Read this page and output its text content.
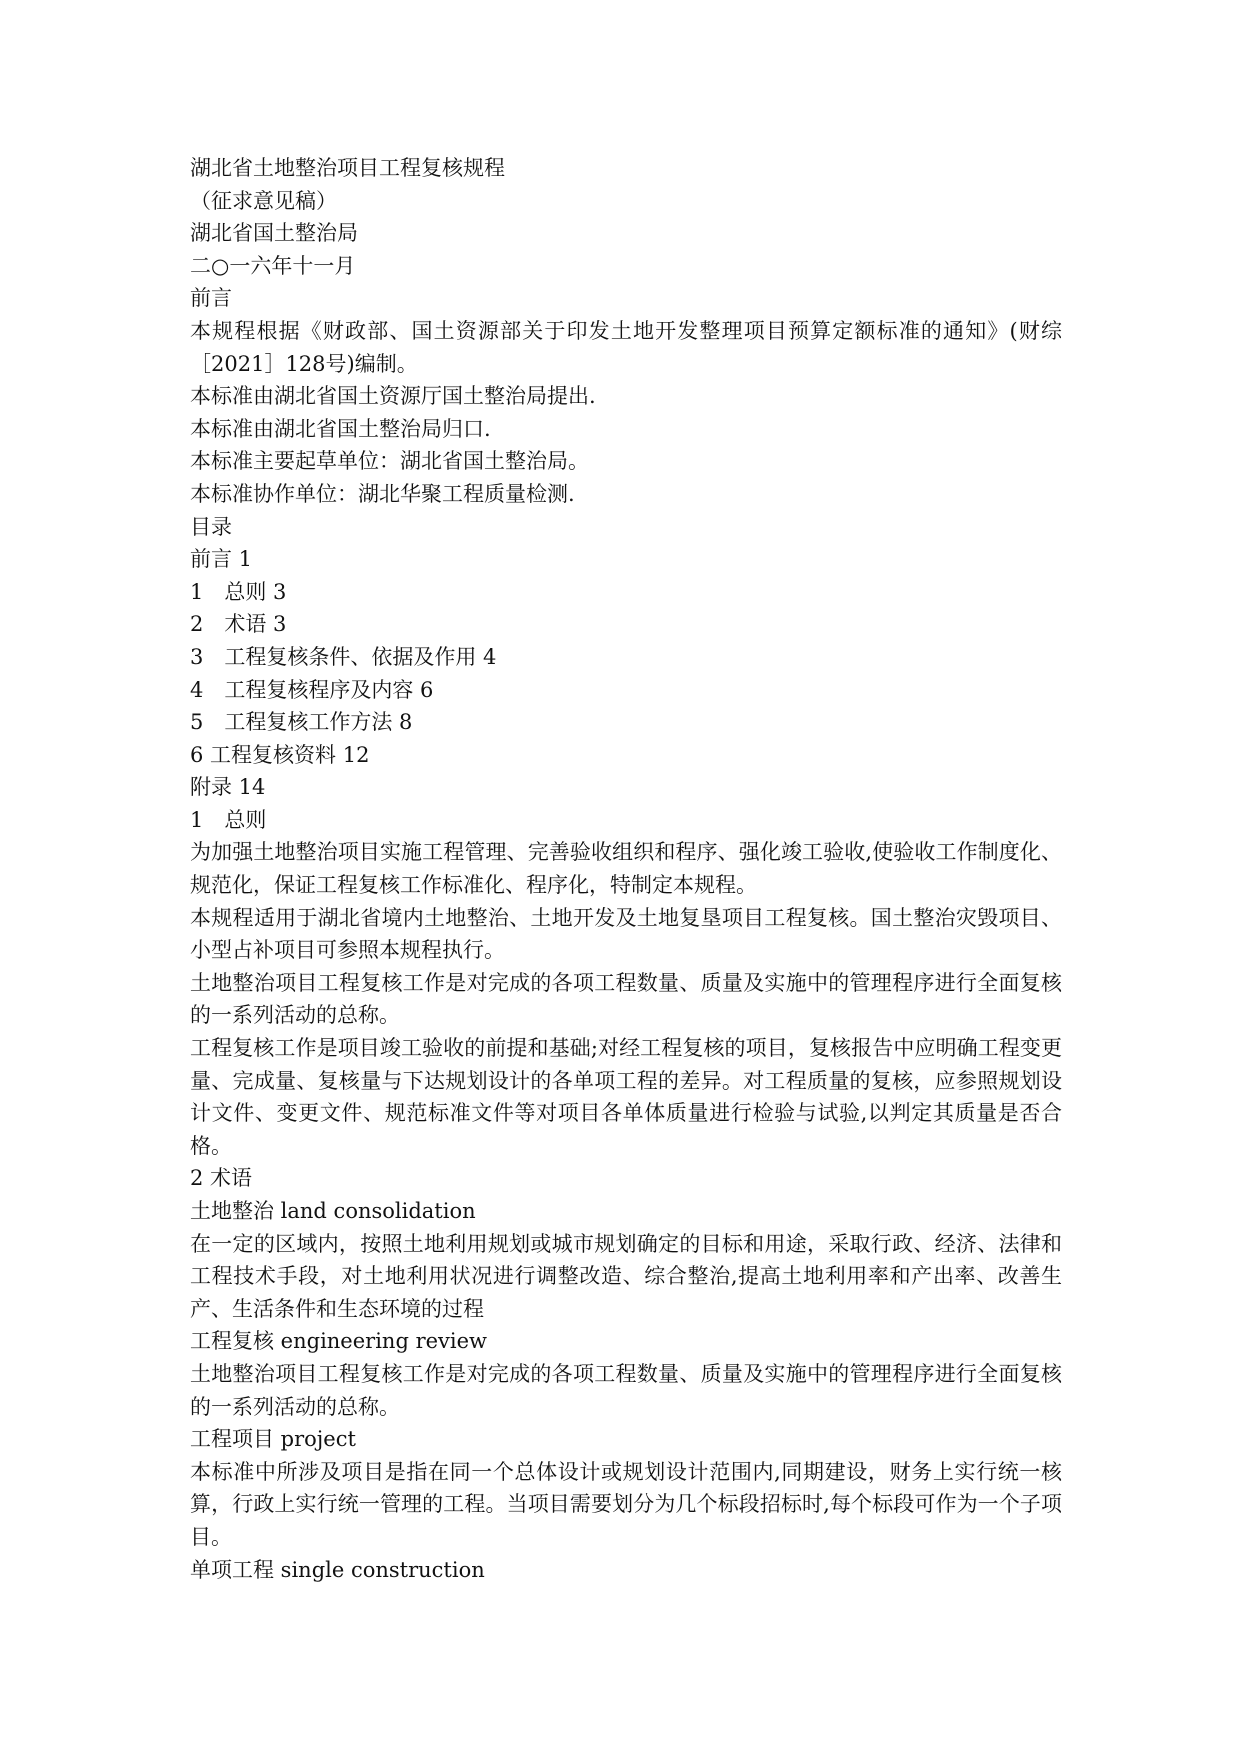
湖北省土地整治项目工程复核规程
（征求意见稿）
湖北省国土整治局
二○一六年十一月
前言
本规程根据《财政部、国土资源部关于印发土地开发整理项目预算定额标准的通知》(财综［2021］128号)编制。
本标准由湖北省国土资源厅国土整治局提出.
本标准由湖北省国土整治局归口.
本标准主要起草单位：湖北省国土整治局。
本标准协作单位：湖北华聚工程质量检测.
目录
前言 1
1　总则 3
2　术语 3
3　工程复核条件、依据及作用 4
4　工程复核程序及内容 6
5　工程复核工作方法 8
6 工程复核资料 12
附录 14
1　总则
为加强土地整治项目实施工程管理、完善验收组织和程序、强化竣工验收,使验收工作制度化、规范化，保证工程复核工作标准化、程序化，特制定本规程。
本规程适用于湖北省境内土地整治、土地开发及土地复垦项目工程复核。国土整治灾毁项目、小型占补项目可参照本规程执行。
土地整治项目工程复核工作是对完成的各项工程数量、质量及实施中的管理程序进行全面复核的一系列活动的总称。
工程复核工作是项目竣工验收的前提和基础;对经工程复核的项目，复核报告中应明确工程变更量、完成量、复核量与下达规划设计的各单项工程的差异。对工程质量的复核，应参照规划设计文件、变更文件、规范标准文件等对项目各单体质量进行检验与试验,以判定其质量是否合格。
2 术语
土地整治 land consolidation
在一定的区域内，按照土地利用规划或城市规划确定的目标和用途，采取行政、经济、法律和工程技术手段，对土地利用状况进行调整改造、综合整治,提高土地利用率和产出率、改善生产、生活条件和生态环境的过程
工程复核 engineering review
土地整治项目工程复核工作是对完成的各项工程数量、质量及实施中的管理程序进行全面复核的一系列活动的总称。
工程项目 project
本标准中所涉及项目是指在同一个总体设计或规划设计范围内,同期建设，财务上实行统一核算，行政上实行统一管理的工程。当项目需要划分为几个标段招标时,每个标段可作为一个子项目。
单项工程 single construction
